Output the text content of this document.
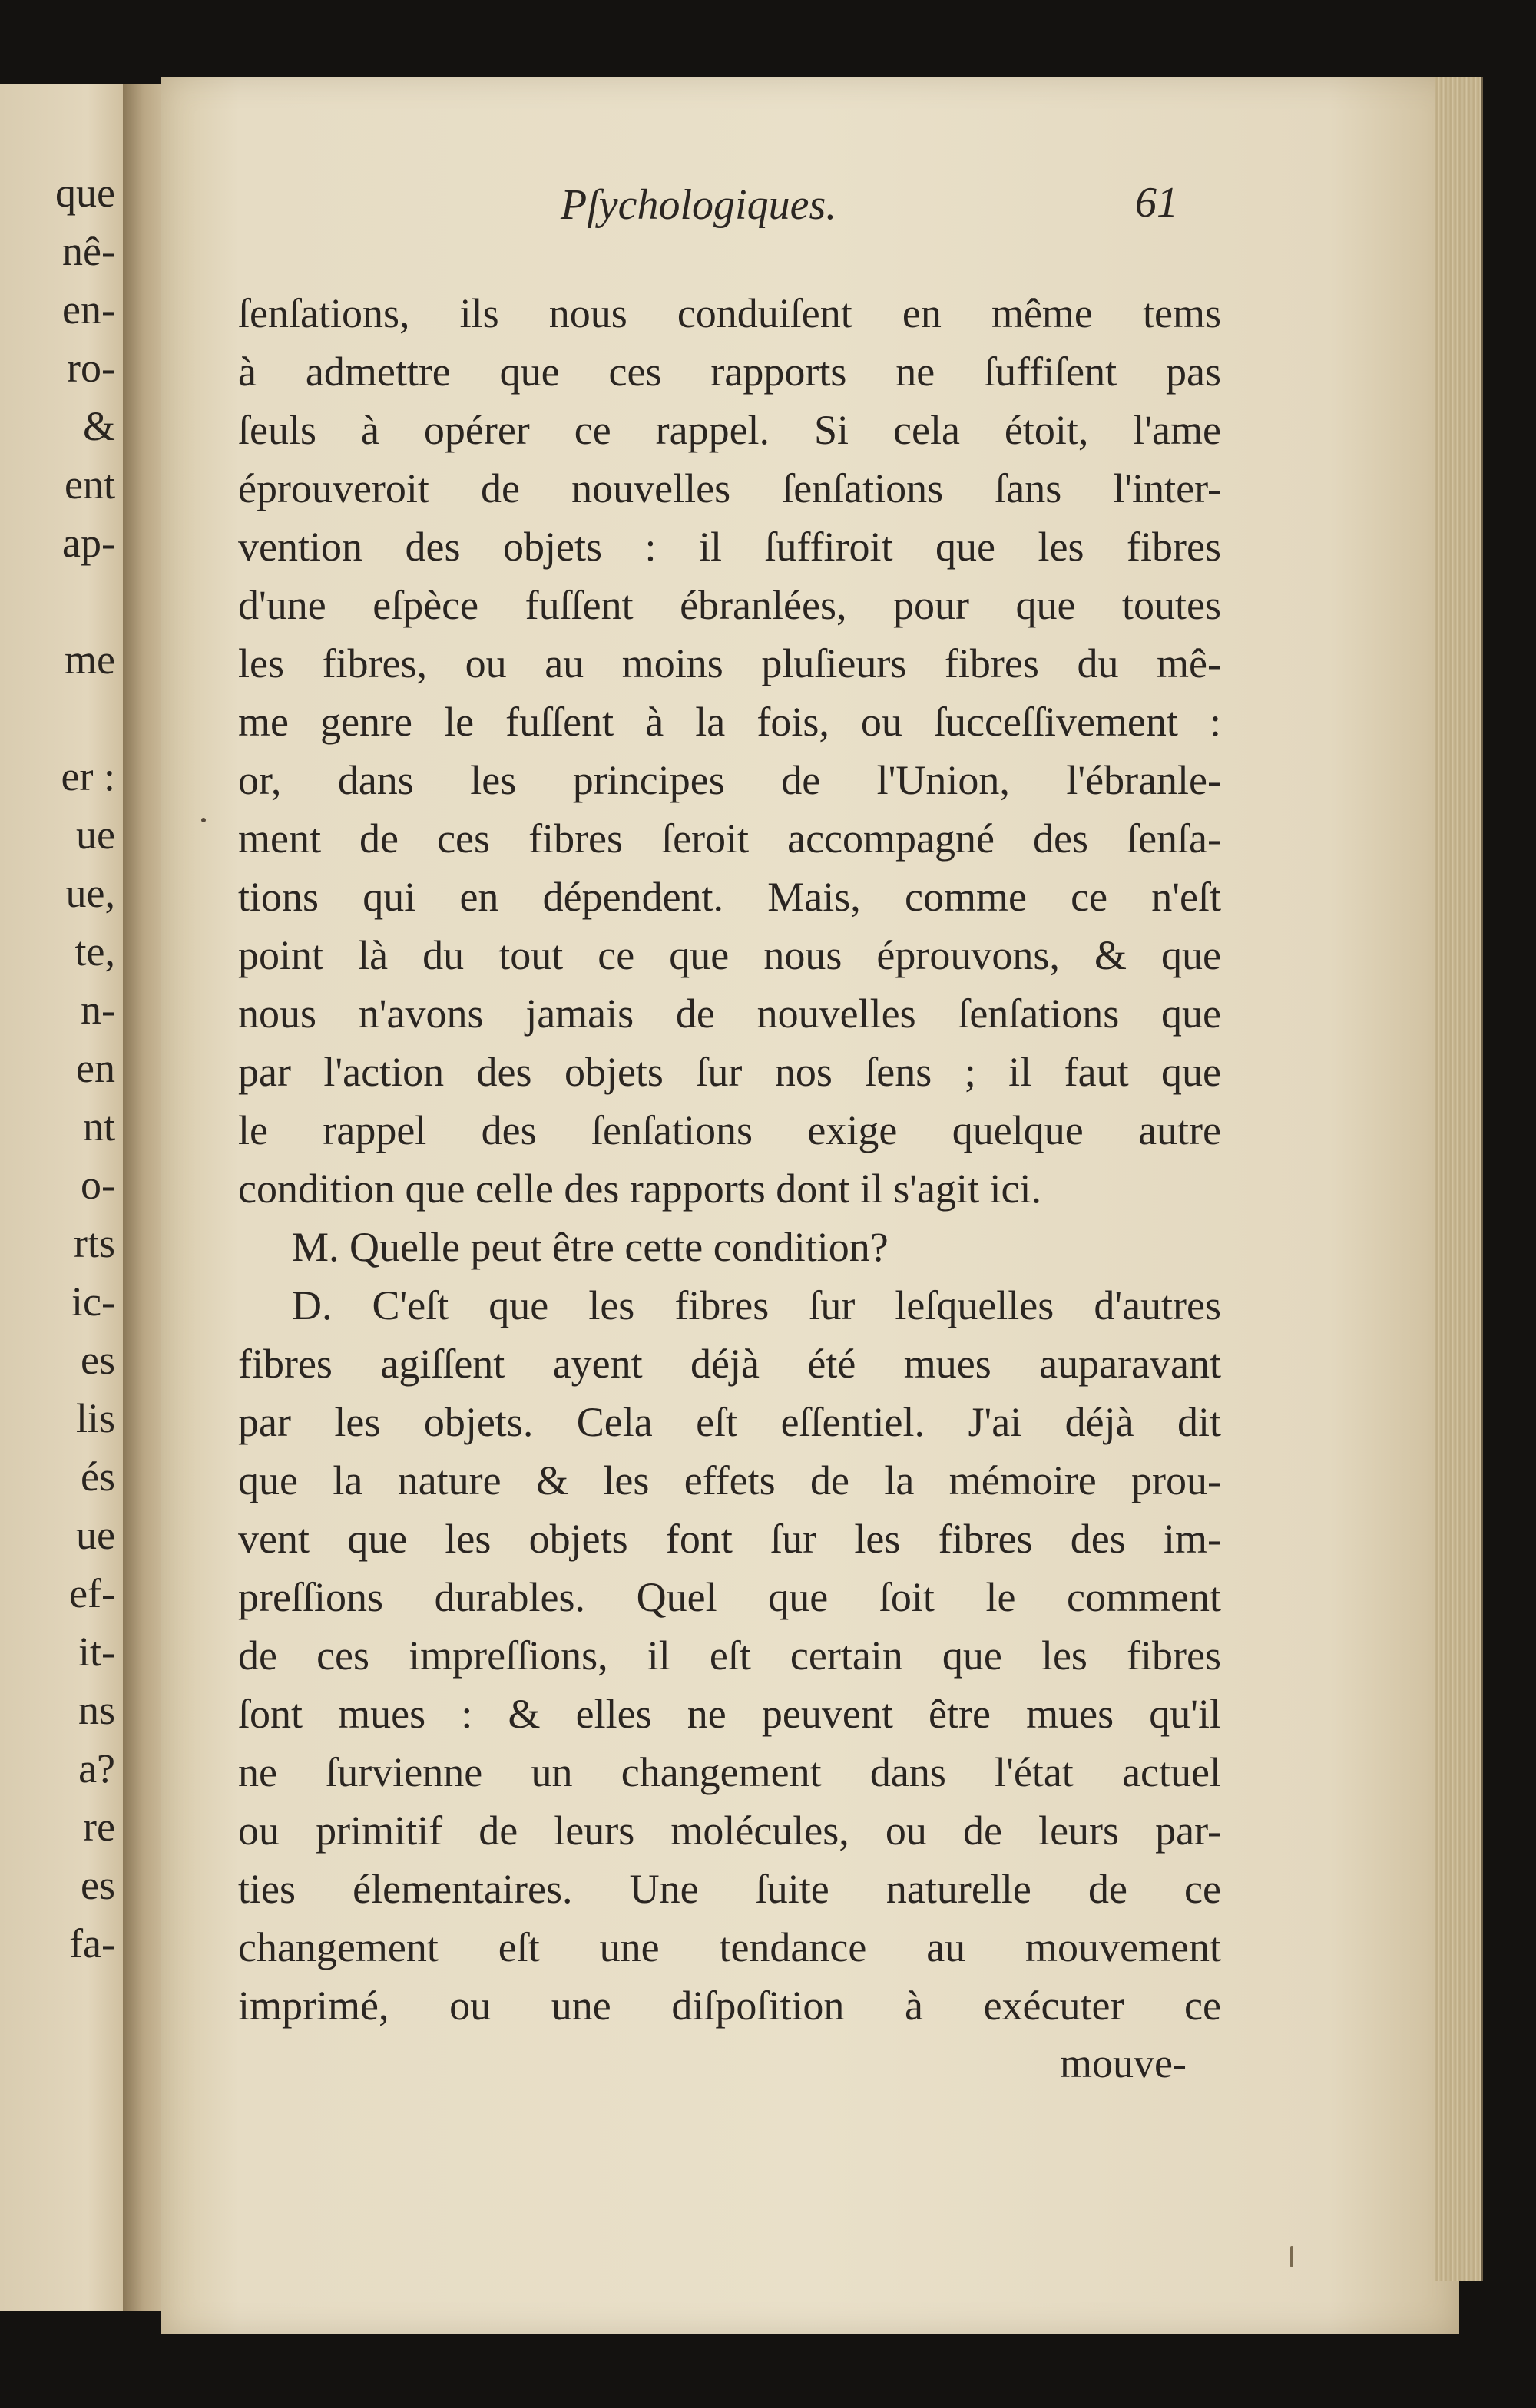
que
nê-
en-
ro-
&
ent
ap-
me
er :
ue
ue,
te,
n-
en
nt
o-
rts
ic-
es
lis
és
ue
ef-
it-
ns
a?
re
es
fa-
Pſychologiques.	61
ſenſations, ils nous conduiſent en même tems
à admettre que ces rapports ne ſuffiſent pas
ſeuls à opérer ce rappel. Si cela étoit, l'ame
éprouveroit de nouvelles ſenſations ſans l'inter-
vention des objets : il ſuffiroit que les fibres
d'une eſpèce fuſſent ébranlées, pour que toutes
les fibres, ou au moins pluſieurs fibres du mê-
me genre le fuſſent à la fois, ou ſucceſſivement :
or, dans les principes de l'Union, l'ébranle-
ment de ces fibres ſeroit accompagné des ſenſa-
tions qui en dépendent. Mais, comme ce n'eſt
point là du tout ce que nous éprouvons, & que
nous n'avons jamais de nouvelles ſenſations que
par l'action des objets ſur nos ſens ; il faut que
le rappel des ſenſations exige quelque autre
condition que celle des rapports dont il s'agit ici.
M. Quelle peut être cette condition?
D. C'eſt que les fibres ſur leſquelles d'autres
fibres agiſſent ayent déjà été mues auparavant
par les objets. Cela eſt eſſentiel. J'ai déjà dit
que la nature & les effets de la mémoire prou-
vent que les objets font ſur les fibres des im-
preſſions durables. Quel que ſoit le comment
de ces impreſſions, il eſt certain que les fibres
ſont mues : & elles ne peuvent être mues qu'il
ne ſurvienne un changement dans l'état actuel
ou primitif de leurs molécules, ou de leurs par-
ties élementaires. Une ſuite naturelle de ce
changement eſt une tendance au mouvement
imprimé, ou une diſpoſition à exécuter ce
mouve-
